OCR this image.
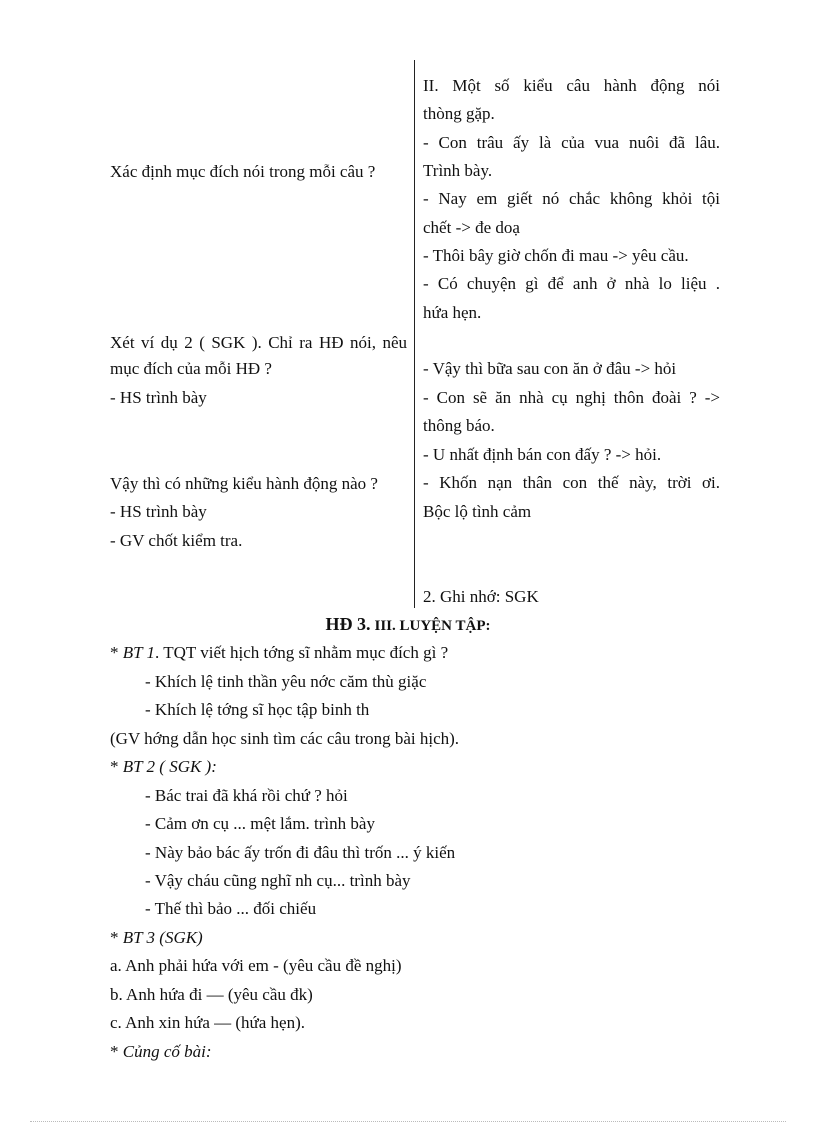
Xác định mục đích nói trong mỗi câu ?
Xét ví dụ 2 ( SGK ). Chỉ ra HĐ nói, nêu
mục đích của mỗi HĐ ?
- HS trình bày
Vậy thì có những kiểu hành động nào ?
- HS trình bày
- GV chốt kiểm tra.
II. Một số kiểu câu hành động nói
thòng gặp.
- Con trâu ấy là của vua nuôi đã lâu.
Trình bày.
- Nay em giết nó chắc không khỏi tội
chết -> đe doạ
- Thôi bây giờ chốn đi mau -> yêu cầu.
- Có chuyện gì để anh ở nhà lo liệu .
hứa hẹn.
- Vậy thì bữa sau con ăn ở đâu -> hỏi
- Con sẽ ăn nhà cụ nghị thôn đoài ? ->
thông báo.
- U nhất định bán con đấy ? -> hỏi.
- Khốn nạn thân con thế này, trời ơi.
Bộc lộ tình cảm
2. Ghi nhớ: SGK
HĐ 3. III. LUYỆN TẬP:
* BT 1. TQT viết hịch tớng sĩ nhằm mục đích gì ?
- Khích lệ tinh thần yêu nớc căm thù giặc
- Khích lệ tớng sĩ học tập binh th
(GV hớng dẫn học sinh tìm các câu trong bài hịch).
* BT 2 ( SGK ):
- Bác trai đã khá rồi chứ ? hỏi
- Cảm ơn cụ ... mệt lắm. trình bày
- Này bảo bác ấy trốn đi đâu thì trốn ... ý kiến
- Vậy cháu cũng nghĩ nh cụ... trình bày
- Thế thì bảo ... đối chiếu
* BT 3 (SGK)
a. Anh phải hứa với em - (yêu cầu đề nghị)
b. Anh hứa đi — (yêu cầu đk)
c. Anh xin hứa — (hứa hẹn).
* Củng cố bài:
